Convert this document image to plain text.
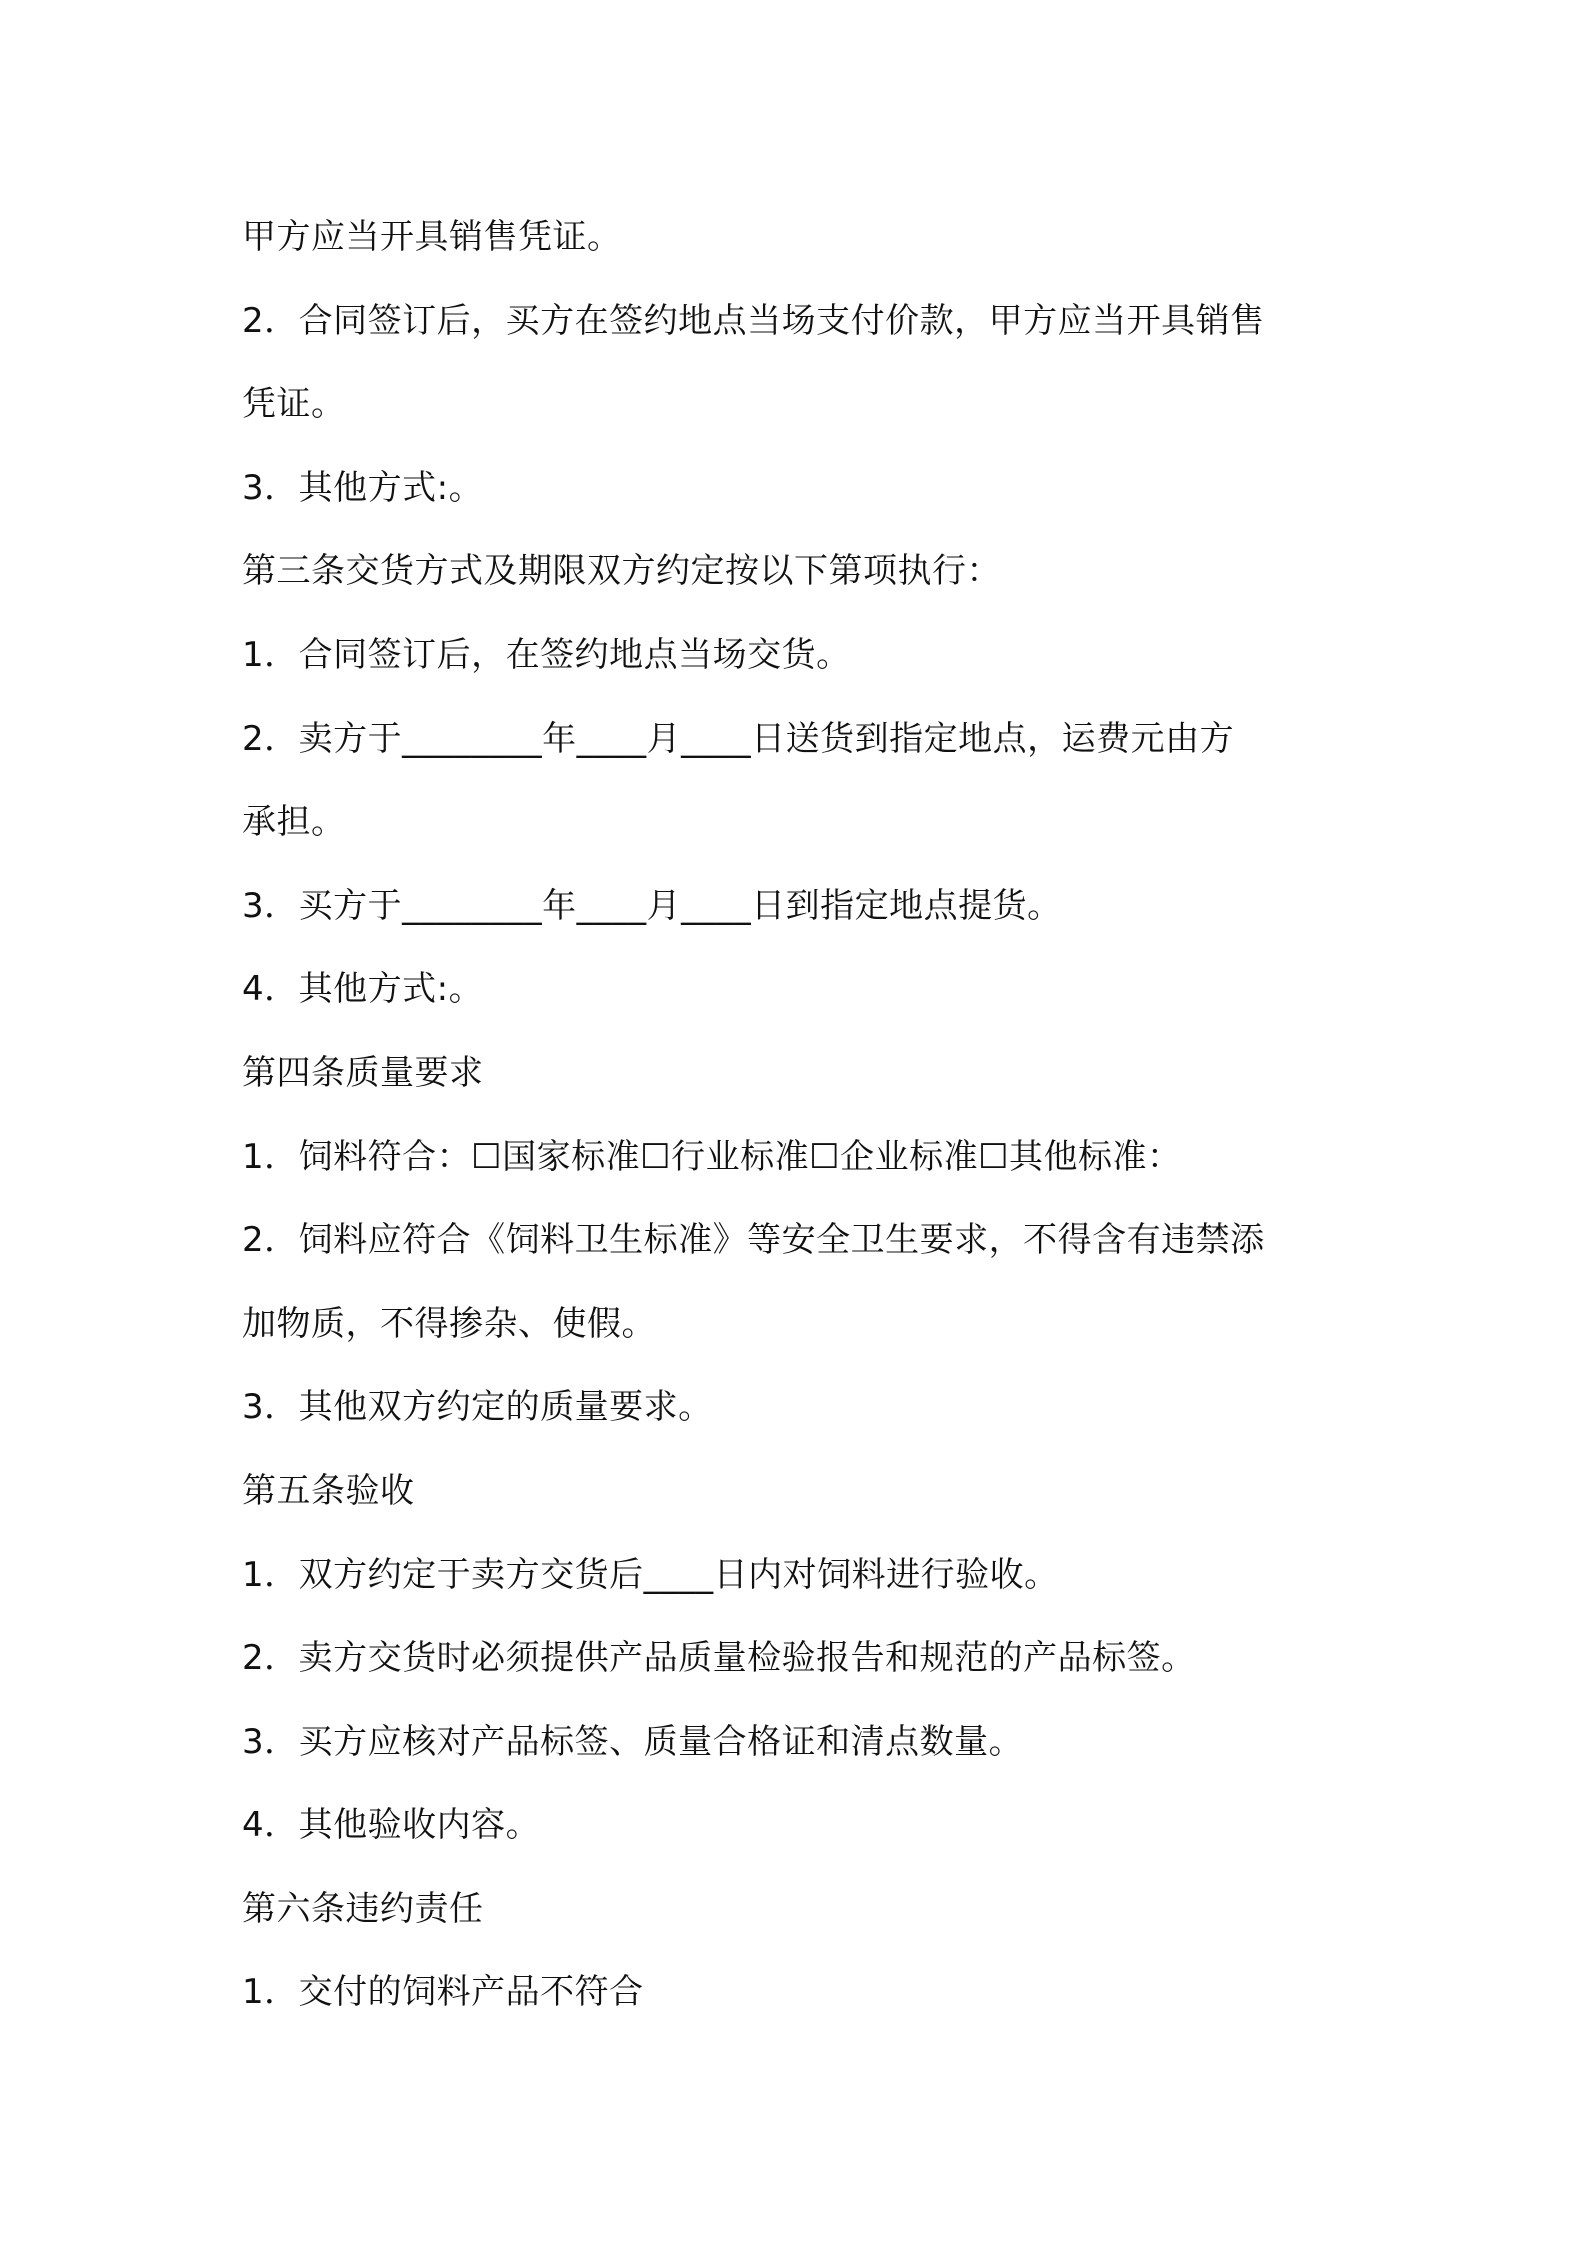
甲方应当开具销售凭证。
2．合同签订后，买方在签约地点当场支付价款，甲方应当开具销售
凭证。
3．其他方式:。
第三条交货方式及期限双方约定按以下第项执行：
1．合同签订后，在签约地点当场交货。
2．卖方于________年____月____日送货到指定地点，运费元由方
承担。
3．买方于________年____月____日到指定地点提货。
4．其他方式:。
第四条质量要求
1．饲料符合：☐国家标准☐行业标准☐企业标准☐其他标准：
2．饲料应符合《饲料卫生标准》等安全卫生要求，不得含有违禁添
加物质，不得掺杂、使假。
3．其他双方约定的质量要求。
第五条验收
1．双方约定于卖方交货后____日内对饲料进行验收。
2．卖方交货时必须提供产品质量检验报告和规范的产品标签。
3．买方应核对产品标签、质量合格证和清点数量。
4．其他验收内容。
第六条违约责任
1．交付的饲料产品不符合
